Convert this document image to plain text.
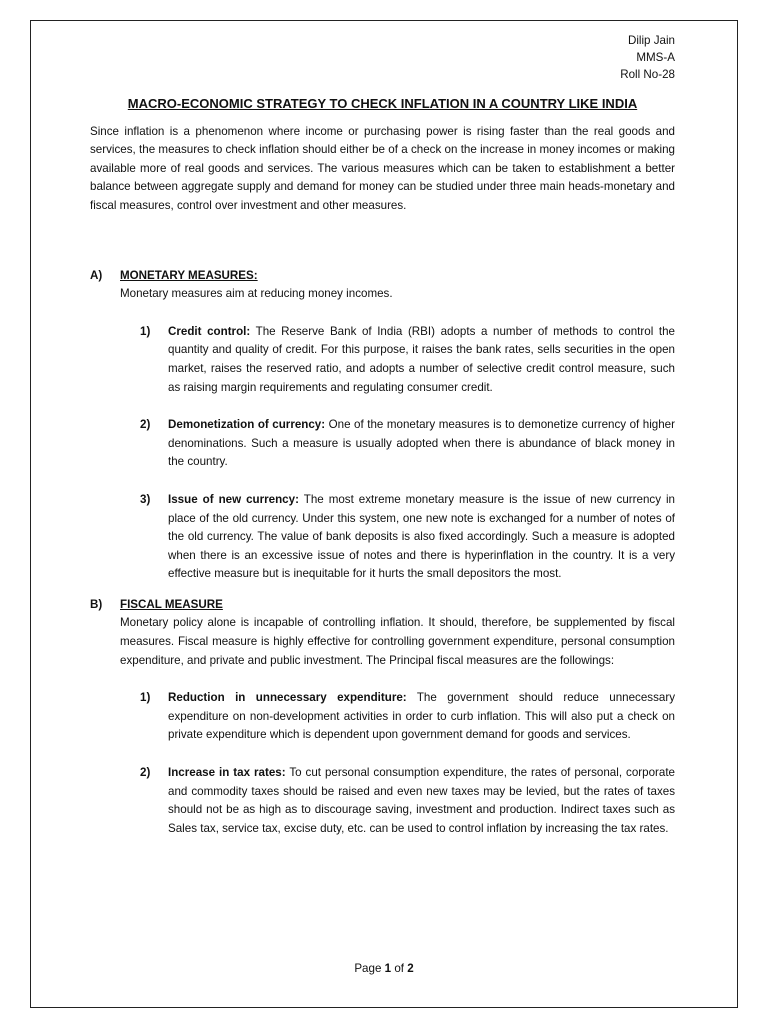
Dilip Jain
MMS-A
Roll No-28
MACRO-ECONOMIC STRATEGY TO CHECK INFLATION IN A COUNTRY LIKE INDIA

Since inflation is a phenomenon where income or purchasing power is rising faster than the real goods and services, the measures to check inflation should either be of a check on the increase in money incomes or making available more of real goods and services. The various measures which can be taken to establishment a better balance between aggregate supply and demand for money can be studied under three main heads-monetary and fiscal measures, control over investment and other measures.

A)	MONETARY MEASURES:

Monetary measures aim at reducing money incomes.

1)	Credit control: The Reserve Bank of India (RBI) adopts a number of methods to control the quantity and quality of credit. For this purpose, it raises the bank rates, sells securities in the open market, raises the reserved ratio, and adopts a number of selective credit control measure, such as raising margin requirements and regulating consumer credit.
2)	Demonetization of currency: One of the monetary measures is to demonetize currency of higher denominations. Such a measure is usually adopted when there is abundance of black money in the country.
3)	Issue of new currency: The most extreme monetary measure is the issue of new currency in place of the old currency. Under this system, one new note is exchanged for a number of notes of the old currency. The value of bank deposits is also fixed accordingly. Such a measure is adopted when there is an excessive issue of notes and there is hyperinflation in the country. It is a very effective measure but is inequitable for it hurts the small depositors the most.
B)	FISCAL MEASURE

Monetary policy alone is incapable of controlling inflation. It should, therefore, be supplemented by fiscal measures. Fiscal measure is highly effective for controlling government expenditure, personal consumption expenditure, and private and public investment. The Principal fiscal measures are the followings:

1)	Reduction in unnecessary expenditure: The government should reduce unnecessary expenditure on non-development activities in order to curb inflation. This will also put a check on private expenditure which is dependent upon government demand for goods and services.
2)	Increase in tax rates: To cut personal consumption expenditure, the rates of personal, corporate and commodity taxes should be raised and even new taxes may be levied, but the rates of taxes should not be as high as to discourage saving, investment and production. Indirect taxes such as Sales tax, service tax, excise duty, etc. can be used to control inflation by increasing the tax rates.
Page 1 of 2
